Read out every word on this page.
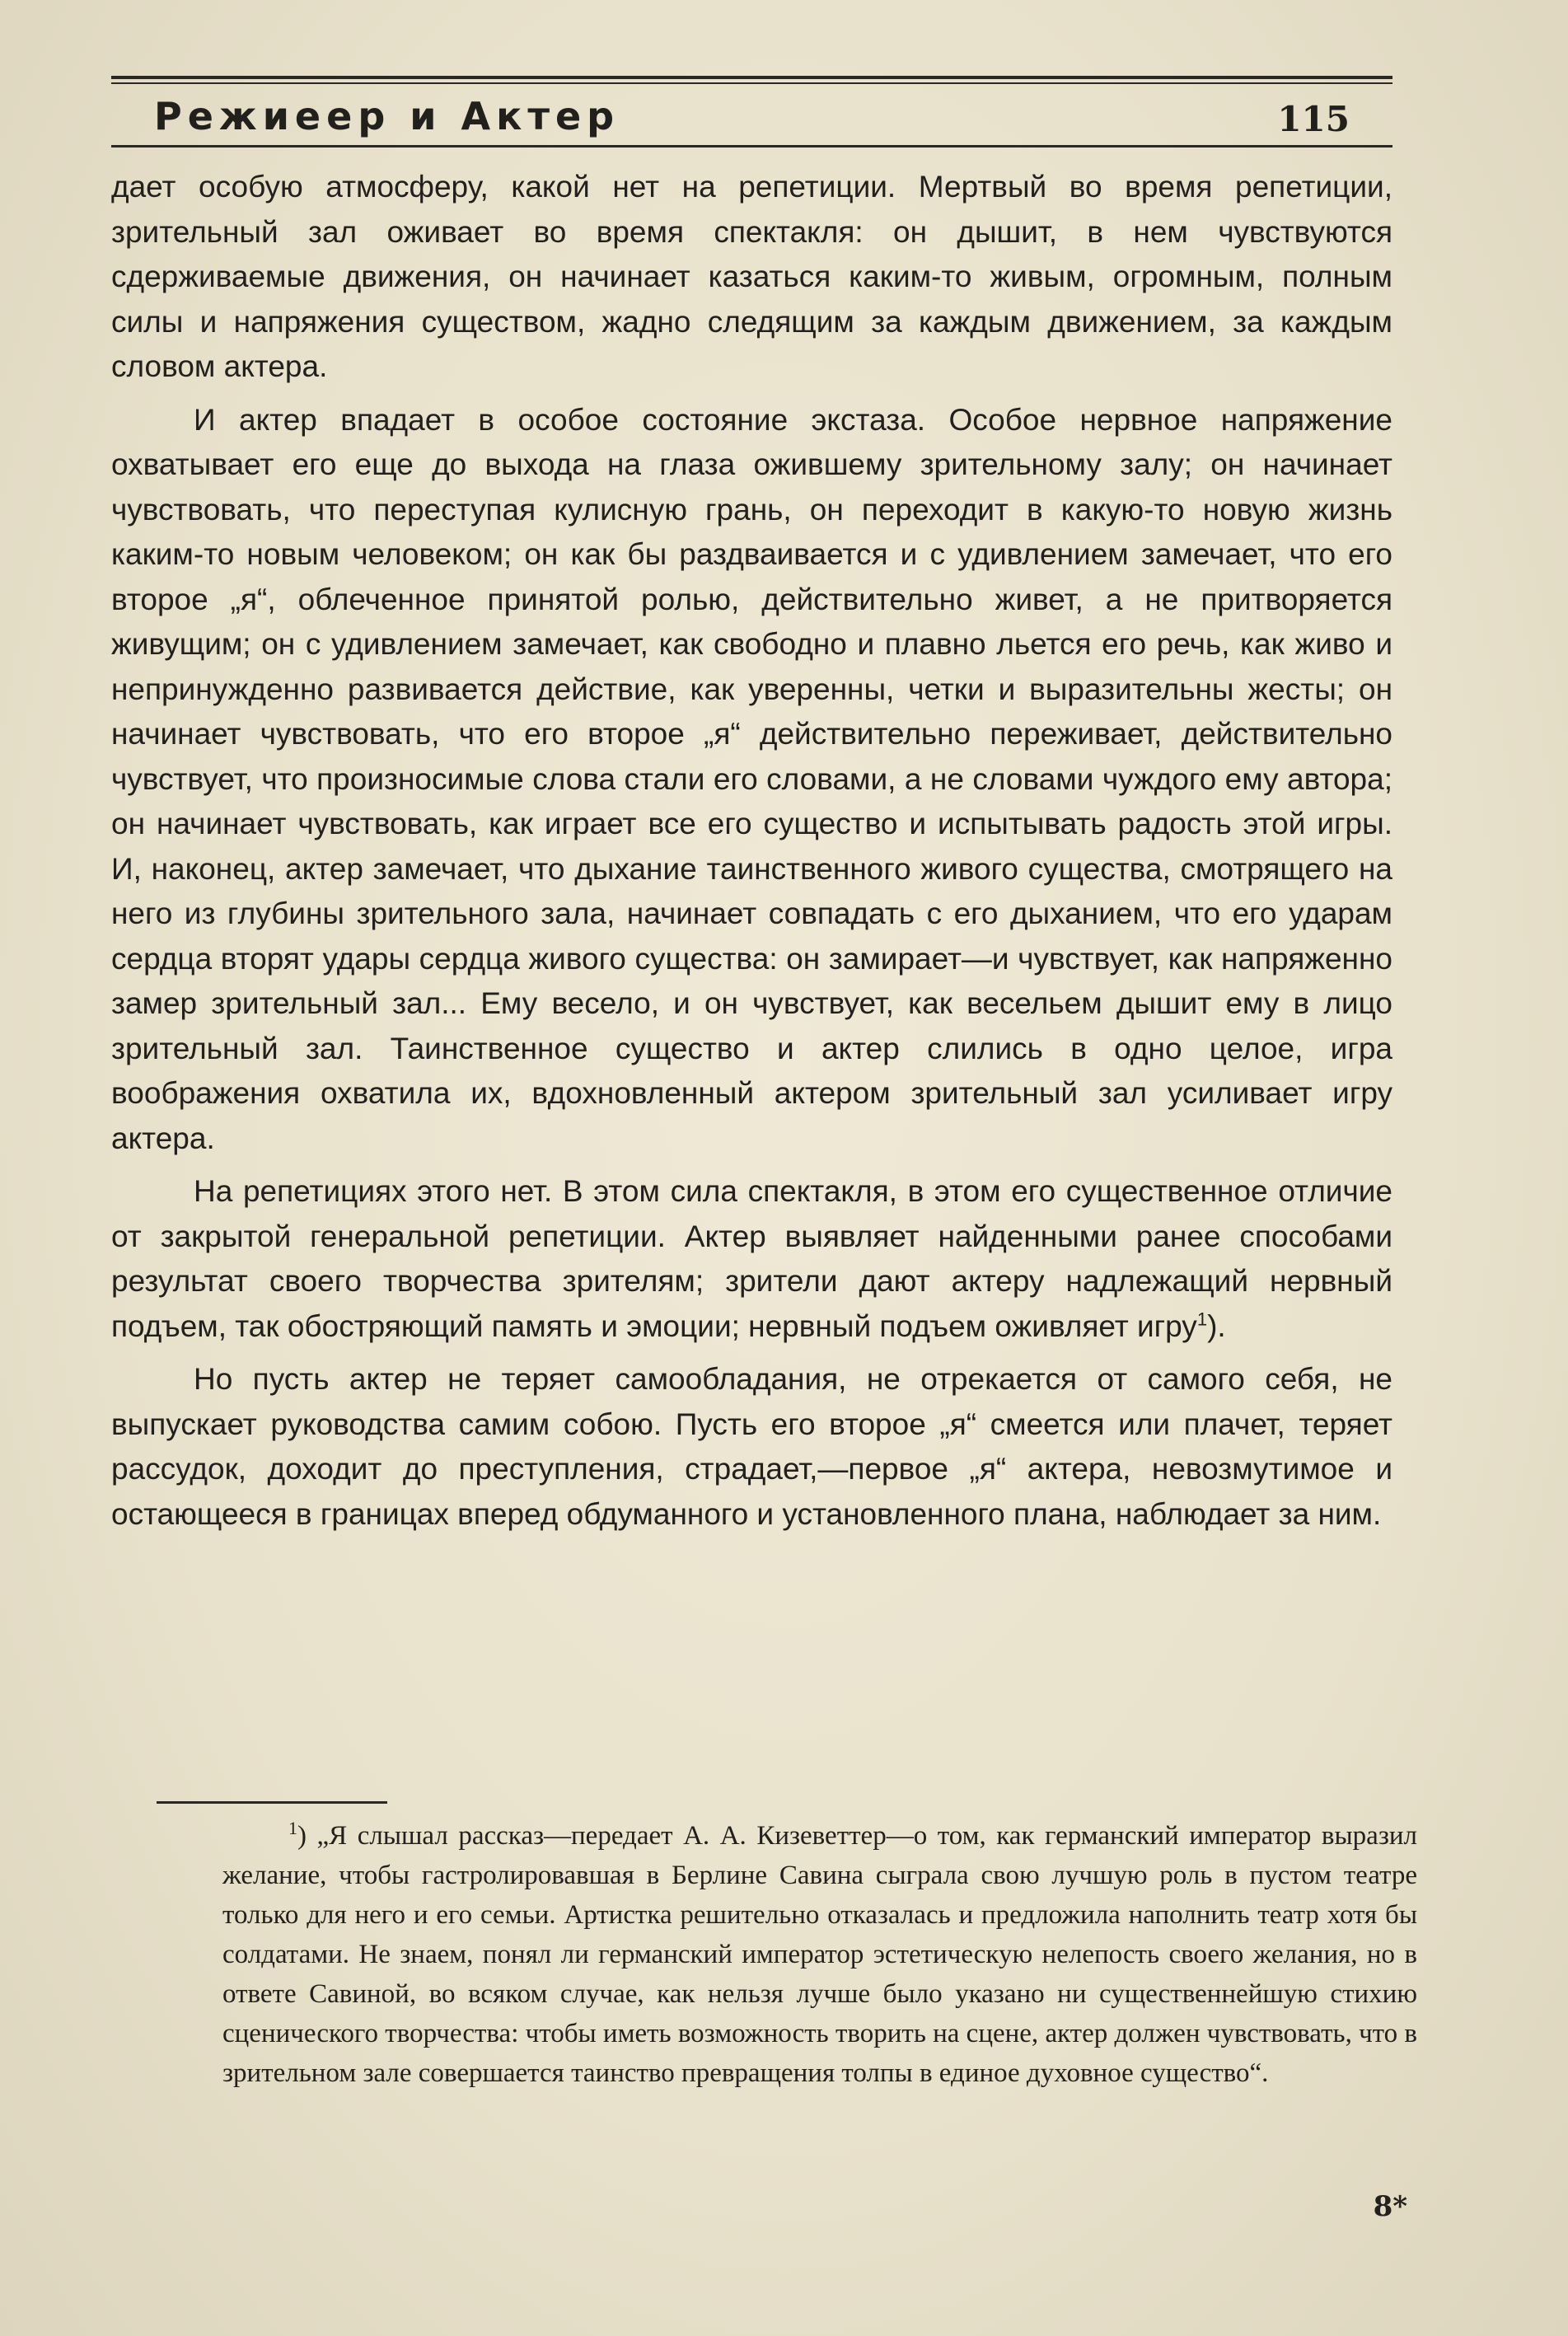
Режиеер и Актер	115

дает особую атмосферу, какой нет на репетиции. Мертвый во время репетиции, зрительный зал оживает во время спектакля: он дышит, в нем чувствуются сдерживаемые движения, он начинает казаться каким-то живым, огромным, полным силы и напряжения существом, жадно следящим за каждым движением, за каждым словом актера.

И актер впадает в особое состояние экстаза. Особое нервное напряжение охватывает его еще до выхода на глаза ожившему зрительному залу; он начинает чувствовать, что переступая кулисную грань, он переходит в какую-то новую жизнь каким-то новым человеком; он как бы раздваивается и с удивлением замечает, что его второе „я“, облеченное принятой ролью, действительно живет, а не притворяется живущим; он с удивлением замечает, как свободно и плавно льется его речь, как живо и непринужденно развивается действие, как уверенны, четки и выразительны жесты; он начинает чувствовать, что его второе „я“ действительно переживает, действительно чувствует, что произносимые слова стали его словами, а не словами чуждого ему автора; он начинает чувствовать, как играет все его существо и испытывать радость этой игры. И, наконец, актер замечает, что дыхание таинственного живого существа, смотрящего на него из глубины зрительного зала, начинает совпадать с его дыханием, что его ударам сердца вторят удары сердца живого существа: он замирает—и чувствует, как напряженно замер зрительный зал... Ему весело, и он чувствует, как весельем дышит ему в лицо зрительный зал. Таинственное существо и актер слились в одно целое, игра воображения охватила их, вдохновленный актером зрительный зал усиливает игру актера.

На репетициях этого нет. В этом сила спектакля, в этом его существенное отличие от закрытой генеральной репетиции. Актер выявляет найденными ранее способами результат своего творчества зрителям; зрители дают актеру надлежащий нервный подъем, так обостряющий память и эмоции; нервный подъем оживляет игру$^1$).

Но пусть актер не теряет самообладания, не отрекается от самого себя, не выпускает руководства самим собою. Пусть его второе „я“ смеется или плачет, теряет рассудок, доходит до преступления, страдает,—первое „я“ актера, невозмутимое и остающееся в границах вперед обдуманного и установленного плана, наблюдает за ним.

$^1$) „Я слышал рассказ—передает А. А. Кизеветтер—о том, как германский император выразил желание, чтобы гастролировавшая в Берлине Савина сыграла свою лучшую роль в пустом театре только для него и его семьи. Артистка решительно отказалась и предложила наполнить театр хотя бы солдатами. Не знаем, понял ли германский император эстетическую нелепость своего желания, но в ответе Савиной, во всяком случае, как нельзя лучше было указано ни существеннейшую стихию сценического творчества: чтобы иметь возможность творить на сцене, актер должен чувствовать, что в зрительном зале совершается таинство превращения толпы в единое духовное существо“.

8*
